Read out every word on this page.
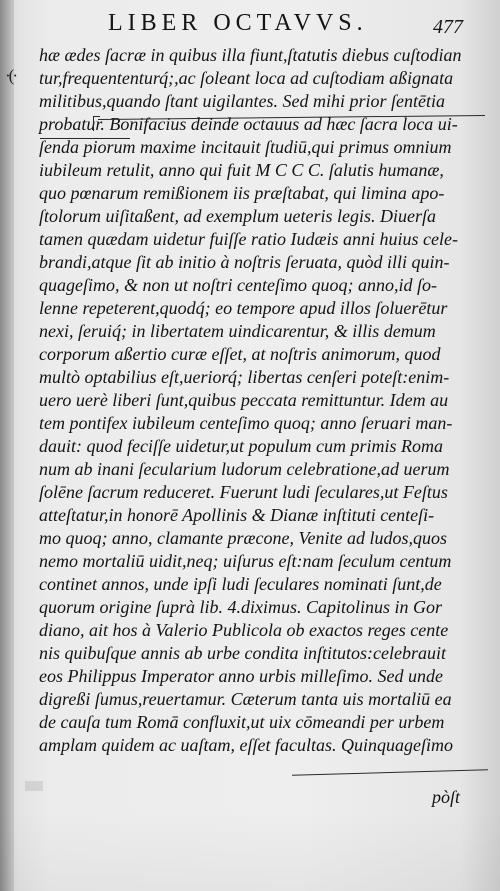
LIBER OCTAVVS.	477
·(·
hæ ædes ſacræ in quibus illa fiunt,ſtatutis diebus cuſtodian
tur,frequententurq́;,ac ſoleant loca ad cuſtodiam aßignata
militibus,quando ſtant uigilantes. Sed mihi prior ſentētia
probatur. Bonifacius deinde octauus ad hæc ſacra loca ui-
ſenda piorum maxime incitauit ſtudiū,qui primus omnium
iubileum retulit, anno qui fuit M C C C. ſalutis humanæ,
quo pœnarum remißionem iis præſtabat, qui limina apo-
ſtolorum uiſitaßent, ad exemplum ueteris legis. Diuerſa
tamen quædam uidetur fuiſſe ratio Iudæis anni huius cele-
brandi,atque ſit ab initio à noſtris ſeruata, quòd illi quin-
quageſimo, & non ut noſtri centeſimo quoq; anno,id ſo-
lenne repeterent,quodq́; eo tempore apud illos ſoluerētur
nexi, ſeruiq́; in libertatem uindicarentur, & illis demum
corporum aßertio curæ eſſet, at noſtris animorum, quod
multò optabilius eſt,ueriorq́; libertas cenſeri poteſt:enim-
uero uerè liberi ſunt,quibus peccata remittuntur. Idem au
tem pontifex iubileum centeſimo quoq; anno ſeruari man-
dauit: quod feciſſe uidetur,ut populum cum primis Roma
num ab inani ſecularium ludorum celebratione,ad uerum
ſolēne ſacrum reduceret. Fuerunt ludi ſeculares,ut Feſtus
atteſtatur,in honorē Apollinis & Dianæ inſtituti centeſi-
mo quoq; anno, clamante præcone, Venite ad ludos,quos
nemo mortaliū uidit,neq; uiſurus eſt:nam ſeculum centum
continet annos, unde ipſi ludi ſeculares nominati ſunt,de
quorum origine ſuprà lib. 4.diximus. Capitolinus in Gor
diano, ait hos à Valerio Publicola ob exactos reges cente
nis quibuſque annis ab urbe condita inſtitutos:celebrauit
eos Philippus Imperator anno urbis milleſimo. Sed unde
digreßi ſumus,reuertamur. Cæterum tanta uis mortaliū ea
de cauſa tum Romā confluxit,ut uix cōmeandi per urbem
amplam quidem ac uaſtam, eſſet facultas. Quinquageſimo
pòſt
